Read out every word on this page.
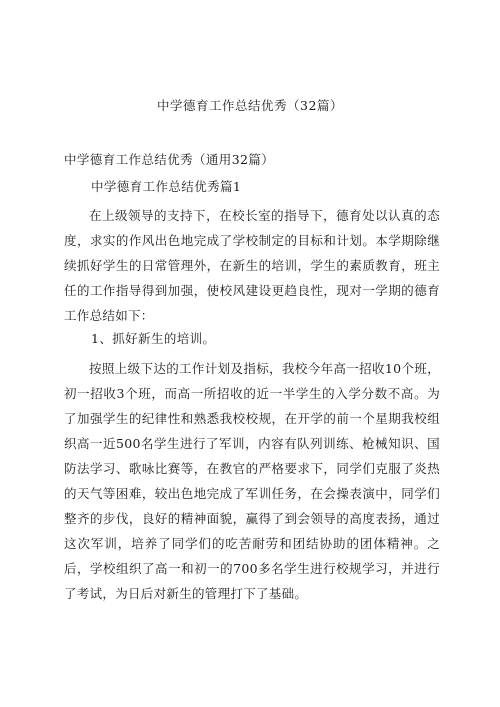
中学德育工作总结优秀（32篇）
中学德育工作总结优秀（通用32篇）
中学德育工作总结优秀篇1
在上级领导的支持下，在校长室的指导下，德育处以认真的态度，求实的作风出色地完成了学校制定的目标和计划。本学期除继续抓好学生的日常管理外，在新生的培训，学生的素质教育，班主任的工作指导得到加强，使校风建设更趋良性，现对一学期的德育工作总结如下：
1、抓好新生的培训。
按照上级下达的工作计划及指标，我校今年高一招收10个班，初一招收3个班，而高一所招收的近一半学生的入学分数不高。为了加强学生的纪律性和熟悉我校校规，在开学的前一个星期我校组织高一近500名学生进行了军训，内容有队列训练、枪械知识、国防法学习、歌咏比赛等，在教官的严格要求下，同学们克服了炎热的天气等困难，较出色地完成了军训任务，在会操表演中，同学们整齐的步伐，良好的精神面貌，赢得了到会领导的高度表扬，通过这次军训，培养了同学们的吃苦耐劳和团结协助的团体精神。之后，学校组织了高一和初一的700多名学生进行校规学习，并进行了考试，为日后对新生的管理打下了基础。
